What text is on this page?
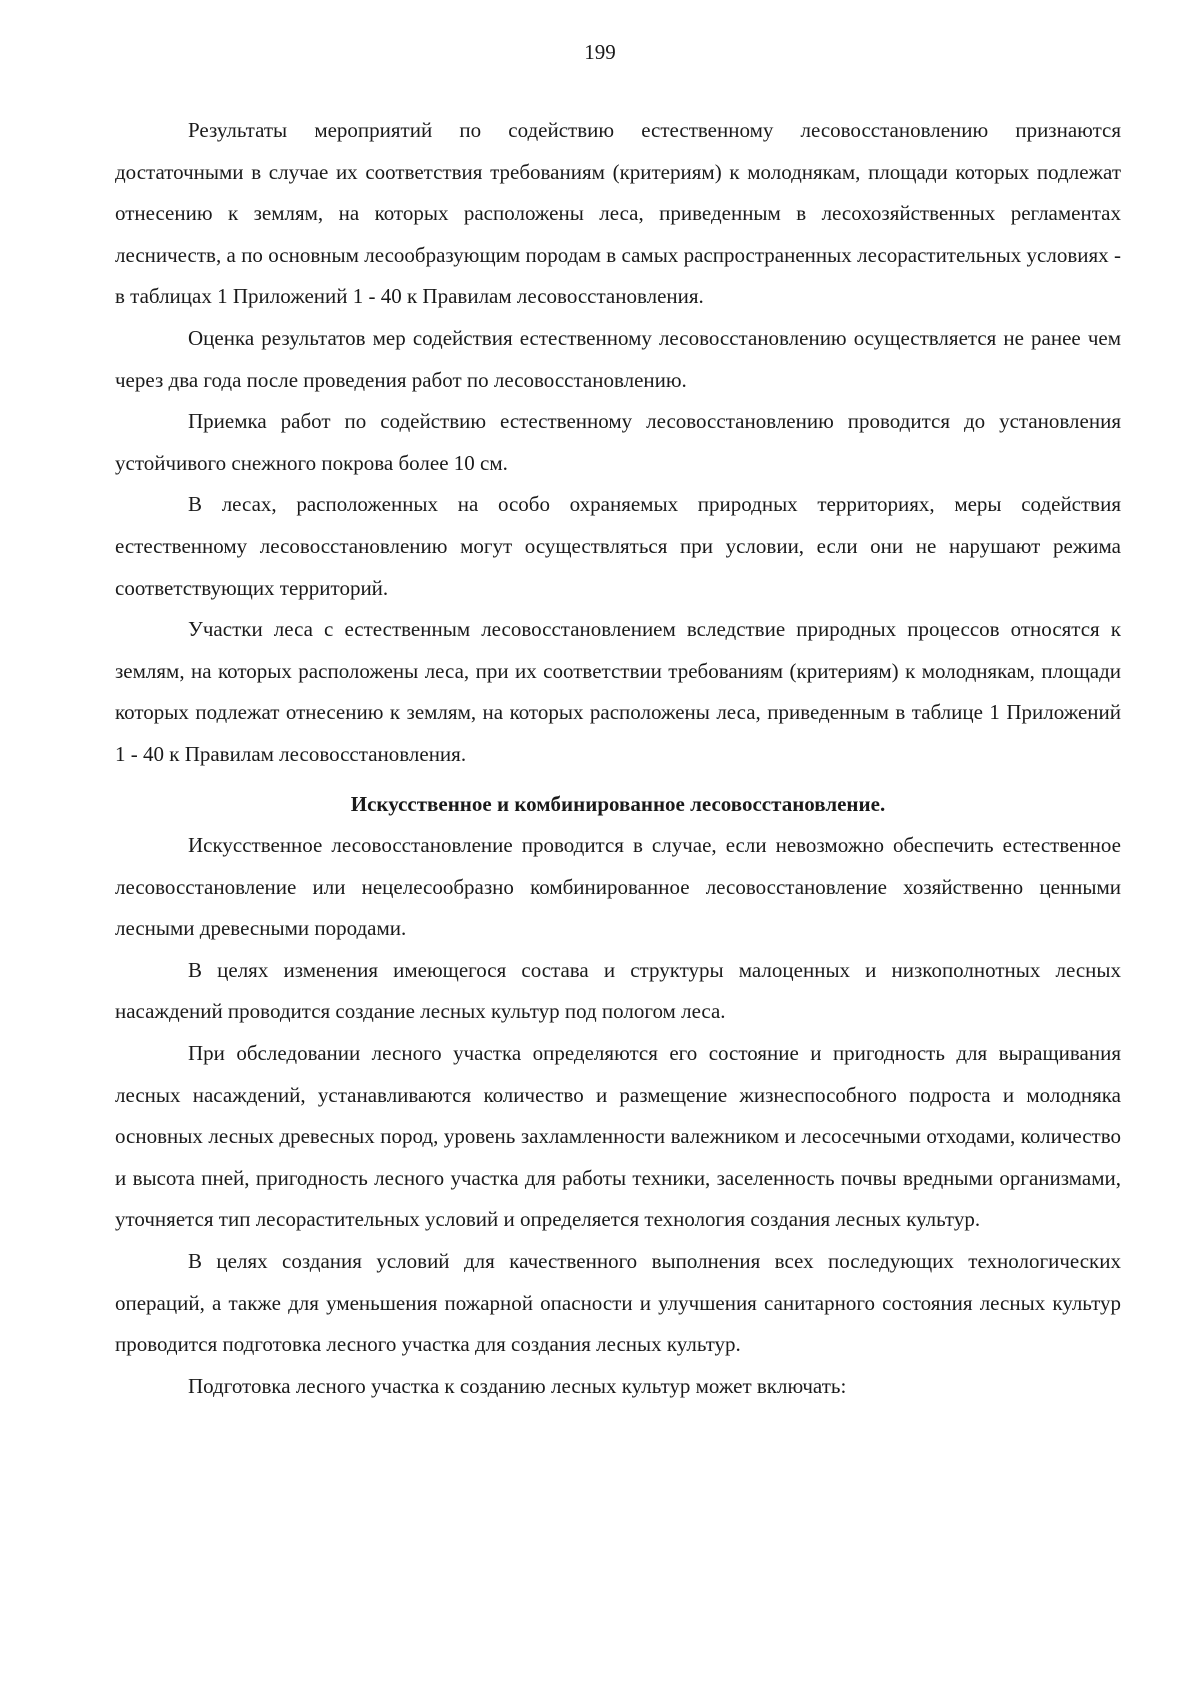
199

Результаты мероприятий по содействию естественному лесовосстановлению признаются достаточными в случае их соответствия требованиям (критериям) к молоднякам, площади которых подлежат отнесению к землям, на которых расположены леса, приведенным в лесохозяйственных регламентах лесничеств, а по основным лесообразующим породам в самых распространенных лесорастительных условиях - в таблицах 1 Приложений 1 - 40 к Правилам лесовосстановления.

Оценка результатов мер содействия естественному лесовосстановлению осуществляется не ранее чем через два года после проведения работ по лесовосстановлению.

Приемка работ по содействию естественному лесовосстановлению проводится до установления устойчивого снежного покрова более 10 см.

В лесах, расположенных на особо охраняемых природных территориях, меры содействия естественному лесовосстановлению могут осуществляться при условии, если они не нарушают режима соответствующих территорий.

Участки леса с естественным лесовосстановлением вследствие природных процессов относятся к землям, на которых расположены леса, при их соответствии требованиям (критериям) к молоднякам, площади которых подлежат отнесению к землям, на которых расположены леса, приведенным в таблице 1 Приложений 1 - 40 к Правилам лесовосстановления.

Искусственное и комбинированное лесовосстановление.

Искусственное лесовосстановление проводится в случае, если невозможно обеспечить естественное лесовосстановление или нецелесообразно комбинированное лесовосстановление хозяйственно ценными лесными древесными породами.

В целях изменения имеющегося состава и структуры малоценных и низкополнотных лесных насаждений проводится создание лесных культур под пологом леса.

При обследовании лесного участка определяются его состояние и пригодность для выращивания лесных насаждений, устанавливаются количество и размещение жизнеспособного подроста и молодняка основных лесных древесных пород, уровень захламленности валежником и лесосечными отходами, количество и высота пней, пригодность лесного участка для работы техники, заселенность почвы вредными организмами, уточняется тип лесорастительных условий и определяется технология создания лесных культур.

В целях создания условий для качественного выполнения всех последующих технологических операций, а также для уменьшения пожарной опасности и улучшения санитарного состояния лесных культур проводится подготовка лесного участка для создания лесных культур.

Подготовка лесного участка к созданию лесных культур может включать:
